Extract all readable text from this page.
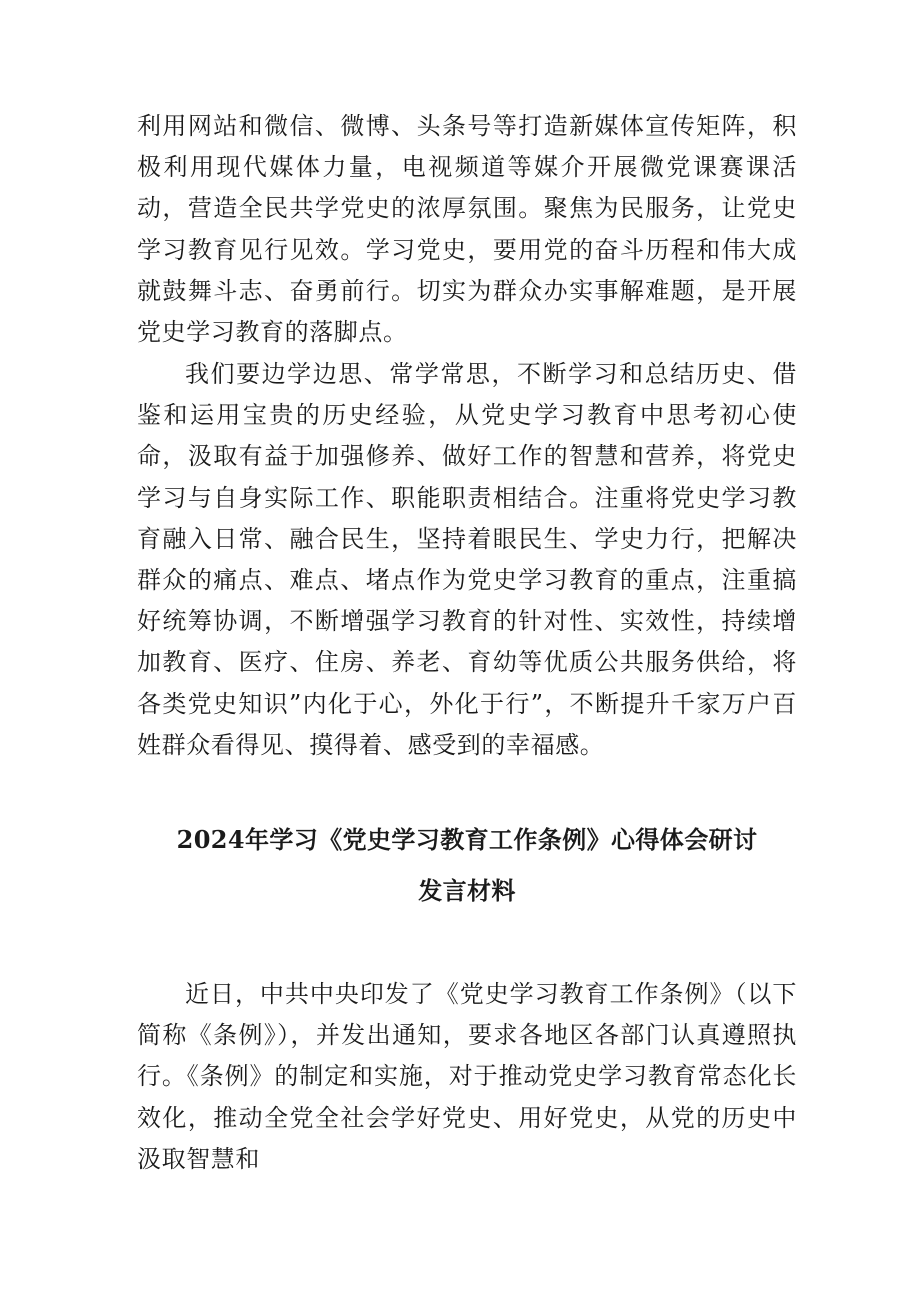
利用网站和微信、微博、头条号等打造新媒体宣传矩阵，积极利用现代媒体力量，电视频道等媒介开展微党课赛课活动，营造全民共学党史的浓厚氛围。聚焦为民服务，让党史学习教育见行见效。学习党史，要用党的奋斗历程和伟大成就鼓舞斗志、奋勇前行。切实为群众办实事解难题，是开展党史学习教育的落脚点。

我们要边学边思、常学常思，不断学习和总结历史、借鉴和运用宝贵的历史经验，从党史学习教育中思考初心使命，汲取有益于加强修养、做好工作的智慧和营养，将党史学习与自身实际工作、职能职责相结合。注重将党史学习教育融入日常、融合民生，坚持着眼民生、学史力行，把解决群众的痛点、难点、堵点作为党史学习教育的重点，注重搞好统筹协调，不断增强学习教育的针对性、实效性，持续增加教育、医疗、住房、养老、育幼等优质公共服务供给，将各类党史知识”内化于心，外化于行”，不断提升千家万户百姓群众看得见、摸得着、感受到的幸福感。

2024年学习《党史学习教育工作条例》心得体会研讨
发言材料

近日，中共中央印发了《党史学习教育工作条例》（以下简称《条例》），并发出通知，要求各地区各部门认真遵照执行。《条例》的制定和实施，对于推动党史学习教育常态化长效化，推动全党全社会学好党史、用好党史，从党的历史中汲取智慧和
